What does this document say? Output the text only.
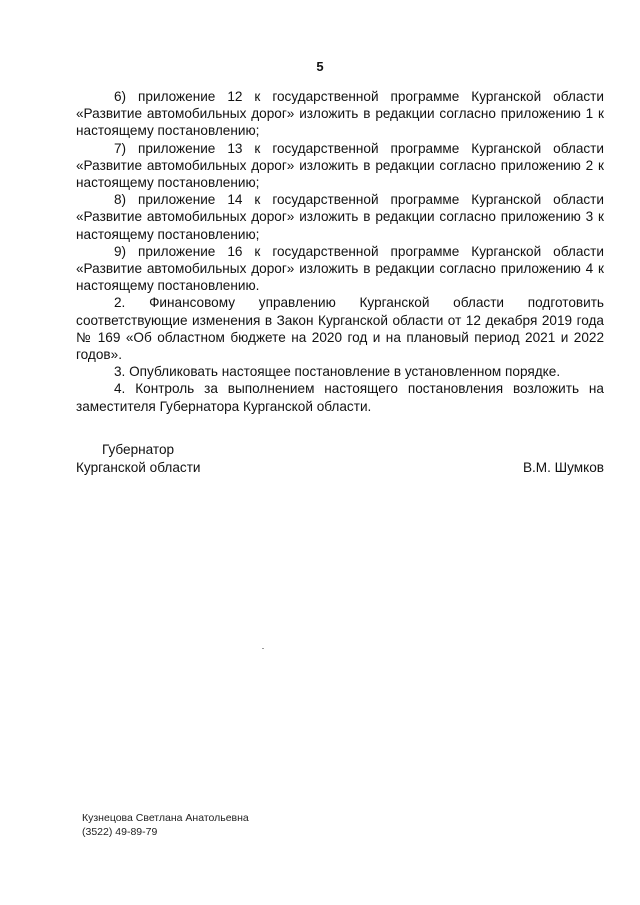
5

6) приложение 12 к государственной программе Курганской области «Развитие автомобильных дорог» изложить в редакции согласно приложению 1 к настоящему постановлению;

7) приложение 13 к государственной программе Курганской области «Развитие автомобильных дорог» изложить в редакции согласно приложению 2 к настоящему постановлению;

8) приложение 14 к государственной программе Курганской области «Развитие автомобильных дорог» изложить в редакции согласно приложению 3 к настоящему постановлению;

9) приложение 16 к государственной программе Курганской области «Развитие автомобильных дорог» изложить в редакции согласно приложению 4 к настоящему постановлению.

2. Финансовому управлению Курганской области подготовить соответствующие изменения в Закон Курганской области от 12 декабря 2019 года № 169 «Об областном бюджете на 2020 год и на плановый период 2021 и 2022 годов».

3. Опубликовать настоящее постановление в установленном порядке.

4. Контроль за выполнением настоящего постановления возложить на заместителя Губернатора Курганской области.

Губернатор
Курганской области	В.М. Шумков
Кузнецова Светлана Анатольевна
(3522) 49-89-79
